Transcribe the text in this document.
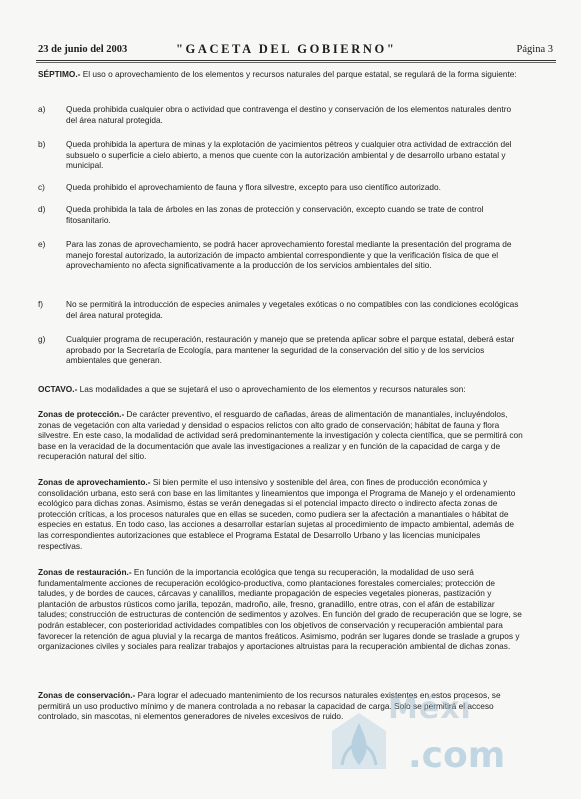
23 de junio del 2003	"GACETA DEL GOBIERNO"	Página 3
SÉPTIMO.- El uso o aprovechamiento de los elementos y recursos naturales del parque estatal, se regulará de la forma siguiente:
a) Queda prohibida cualquier obra o actividad que contravenga el destino y conservación de los elementos naturales dentro del área natural protegida.
b) Queda prohibida la apertura de minas y la explotación de yacimientos pétreos y cualquier otra actividad de extracción del subsuelo o superficie a cielo abierto, a menos que cuente con la autorización ambiental y de desarrollo urbano estatal y municipal.
c)	Queda prohibido el aprovechamiento de fauna y flora silvestre, excepto para uso científico autorizado.
d) Queda prohibida la tala de árboles en las zonas de protección y conservación, excepto cuando se trate de control fitosanitario.
e) Para las zonas de aprovechamiento, se podrá hacer aprovechamiento forestal mediante la presentación del programa de manejo forestal autorizado, la autorización de impacto ambiental correspondiente y que la verificación física de que el aprovechamiento no afecta significativamente a la producción de los servicios ambientales del sitio.
f)	No se permitirá la introducción de especies animales y vegetales exóticas o no compatibles con las condiciones ecológicas del área natural protegida.
g) Cualquier programa de recuperación, restauración y manejo que se pretenda aplicar sobre el parque estatal, deberá estar aprobado por la Secretaría de Ecología, para mantener la seguridad de la conservación del sitio y de los servicios ambientales que generan.
OCTAVO.- Las modalidades a que se sujetará el uso o aprovechamiento de los elementos y recursos naturales son:
Zonas de protección.- De carácter preventivo, el resguardo de cañadas, áreas de alimentación de manantiales, incluyéndolos, zonas de vegetación con alta variedad y densidad o espacios relictos con alto grado de conservación; hábitat de fauna y flora silvestre. En este caso, la modalidad de actividad será predominantemente la investigación y colecta científica, que se permitirá con base en la veracidad de la documentación que avale las investigaciones a realizar y en función de la capacidad de carga y de recuperación natural del sitio.
Zonas de aprovechamiento.- Si bien permite el uso intensivo y sostenible del área, con fines de producción económica y consolidación urbana, esto será con base en las limitantes y lineamientos que imponga el Programa de Manejo y el ordenamiento ecológico para dichas zonas. Asimismo, éstas se verán denegadas si el potencial impacto directo o indirecto afecta zonas de protección críticas, a los procesos naturales que en ellas se suceden, como pudiera ser la afectación a manantiales o hábitat de especies en estatus. En todo caso, las acciones a desarrollar estarían sujetas al procedimiento de impacto ambiental, además de las correspondientes autorizaciones que establece el Programa Estatal de Desarrollo Urbano y las licencias municipales respectivas.
Zonas de restauración.- En función de la importancia ecológica que tenga su recuperación, la modalidad de uso será fundamentalmente acciones de recuperación ecológico-productiva, como plantaciones forestales comerciales; protección de taludes, y de bordes de cauces, cárcavas y canalillos, mediante propagación de especies vegetales pioneras, pastización y plantación de arbustos rústicos como jarilla, tepozán, madroño, aile, fresno, granadillo, entre otras, con el afán de estabilizar taludes; construcción de estructuras de contención de sedimentos y azolves. En función del grado de recuperación que se logre, se podrán establecer, con posterioridad actividades compatibles con los objetivos de conservación y recuperación ambiental para favorecer la retención de agua pluvial y la recarga de mantos freáticos. Asimismo, podrán ser lugares donde se traslade a grupos y organizaciones civiles y sociales para realizar trabajos y aportaciones altruistas para la recuperación ambiental de dichas zonas.
Zonas de conservación.- Para lograr el adecuado mantenimiento de los recursos naturales existentes en estos procesos, se permitirá un uso productivo mínimo y de manera controlada a no rebasar la capacidad de carga. Solo se permitirá el acceso controlado, sin mascotas, ni elementos generadores de niveles excesivos de ruido.	Méxi
.com
